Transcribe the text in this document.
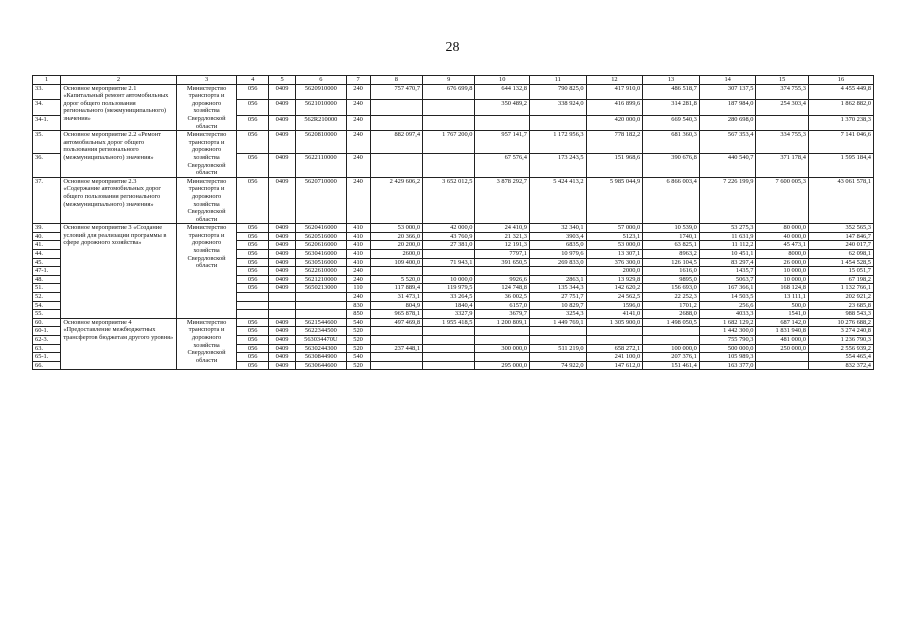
28
1	2	3	4	5	6	7	8	9	10	11	12	13	14	15	16
33.	Основное мероприятие 2.1 «Капитальный ремонт автомобильных дорог общего пользования регионального (межмуниципального) значения»	Министерство транспорта и дорожного хозяйства Свердловской области	056	0409	5620910000	240	757 470,7	676 699,8	644 132,8	790 825,0	417 910,0	486 518,7	307 137,5	374 755,3	4 455 449,8
34.			056	0409	5621010000	240			350 489,2	338 924,0	416 899,6	314 281,8	187 984,0	254 303,4	1 862 882,0
34-1.			056	0409	562R210000	240					420 000,0	669 540,3	280 698,0		1 370 238,3
35.	Основное мероприятие 2.2 «Ремонт автомобильных дорог общего пользования регионального (межмуниципального) значения»	Министерство транспорта и дорожного хозяйства Свердловской области	056	0409	5620810000	240	882 097,4	1 767 200,0	957 141,7	1 172 956,3	778 182,2	681 360,3	567 353,4	334 755,3	7 141 046,6
36.			056	0409	5622110000	240			67 576,4	173 243,5	151 968,6	390 676,8	440 540,7	371 178,4	1 595 184,4
37.	Основное мероприятие 2.3 «Содержание автомобильных дорог общего пользования регионального (межмуниципального) значения»	Министерство транспорта и дорожного хозяйства Свердловской области	056	0409	5620710000	240	2 429 606,2	3 652 012,5	3 878 292,7	5 424 413,2	5 985 044,9	6 866 003,4	7 226 199,9	7 600 005,3	43 061 578,1
39.	Основное мероприятие 3 «Создание условий для реализации программы в сфере дорожного хозяйства»	Министерство транспорта и дорожного хозяйства Свердловской области	056	0409	5620416000	410	53 000,0	42 000,0	24 410,9	32 340,1	57 000,0	10 539,0	53 275,3	80 000,0	352 565,3
40.			056	0409	5620516000	410	20 366,0	43 760,9	21 321,3	3903,4	5123,1	1740,1	11 631,9	40 000,0	147 846,7
41.			056	0409	5620616000	410	20 200,0	27 381,0	12 191,3	6835,0	53 000,0	63 825,1	11 112,2	45 473,1	240 017,7
44.			056	0409	5630416000	410	2600,0		7797,1	10 979,6	13 307,1	8963,2	10 451,1	8000,0	62 098,1
45.			056	0409	5630516000	410	109 400,0	71 943,1	391 650,5	269 833,0	376 300,0	126 104,5	83 297,4	26 000,0	1 454 528,5
47-1.			056	0409	5622610000	240					2000,0	1616,0	1435,7	10 000,0	15 051,7
48.			056	0409	5621210000	240	5 520,0	10 000,0	9926,6	2863,1	13 929,8	9895,0	5063,7	10 000,0	67 198,2
51.			056	0409	5650213000	110	117 889,4	119 979,5	124 748,8	135 344,3	142 620,2	156 693,0	167 366,1	168 124,8	1 132 766,1
52.						240	31 473,1	33 264,5	36 002,5	27 751,7	24 562,5	22 252,3	14 503,5	13 111,1	202 921,2
54.						830	804,9	1840,4	6157,0	10 829,7	1596,0	1701,2	256,6	500,0	23 685,8
55.						850	965 878,1	3327,9	3679,7	3254,3	4141,0	2688,0	4033,3	1541,0	988 543,3
60.	Основное мероприятие 4 «Предоставление межбюджетных трансфертов бюджетам другого уровня»	Министерство транспорта и дорожного хозяйства Свердловской области	056	0409	5621544600	540	497 469,8	1 955 418,5	1 200 809,1	1 449 769,1	1 305 900,0	1 498 050,5	1 682 129,2	687 142,0	10 276 688,2
60-1.			056	0409	5622344500	520							1 442 300,0	1 831 940,8	3 274 240,8
62-3.			056	0409	563034470U	520							755 790,3	481 000,0	1 236 790,3
63.			056	0409	5630244300	520	237 448,1		300 000,0	511 219,0	658 272,1	100 000,0	500 000,0	250 000,0	2 556 939,2
65-1.			056	0409	5630844900	540					241 100,0	207 376,1	105 989,3		554 465,4
66.			056	0409	5630644600	520			295 000,0	74 922,0	147 612,0	151 461,4	163 377,0		832 372,4
